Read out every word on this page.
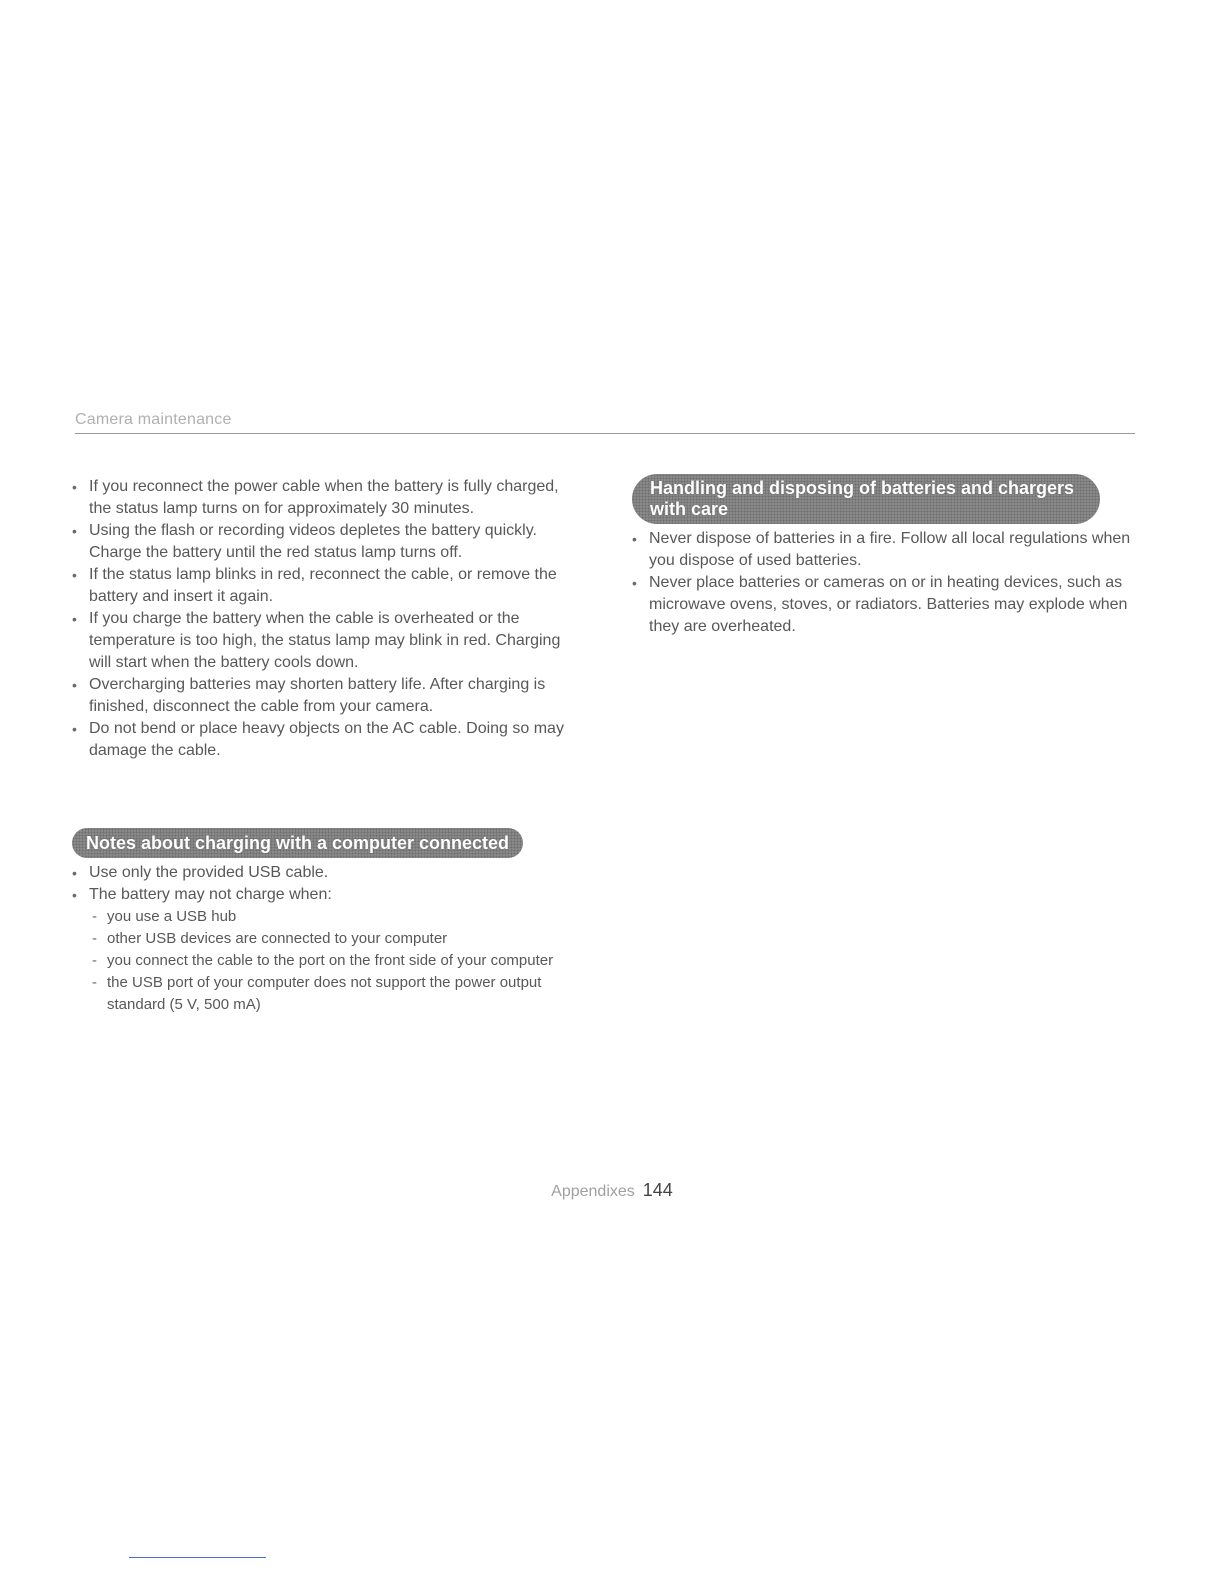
Camera maintenance
• If you reconnect the power cable when the battery is fully charged, the status lamp turns on for approximately 30 minutes.
• Using the flash or recording videos depletes the battery quickly. Charge the battery until the red status lamp turns off.
• If the status lamp blinks in red, reconnect the cable, or remove the battery and insert it again.
• If you charge the battery when the cable is overheated or the temperature is too high, the status lamp may blink in red. Charging will start when the battery cools down.
• Overcharging batteries may shorten battery life. After charging is finished, disconnect the cable from your camera.
• Do not bend or place heavy objects on the AC cable. Doing so may damage the cable.
Notes about charging with a computer connected
• Use only the provided USB cable.
• The battery may not charge when:
- you use a USB hub
- other USB devices are connected to your computer
- you connect the cable to the port on the front side of your computer
- the USB port of your computer does not support the power output standard (5 V, 500 mA)
Handling and disposing of batteries and chargers
with care
• Never dispose of batteries in a fire. Follow all local regulations when you dispose of used batteries.
• Never place batteries or cameras on or in heating devices, such as microwave ovens, stoves, or radiators. Batteries may explode when they are overheated.
Appendixes 144
